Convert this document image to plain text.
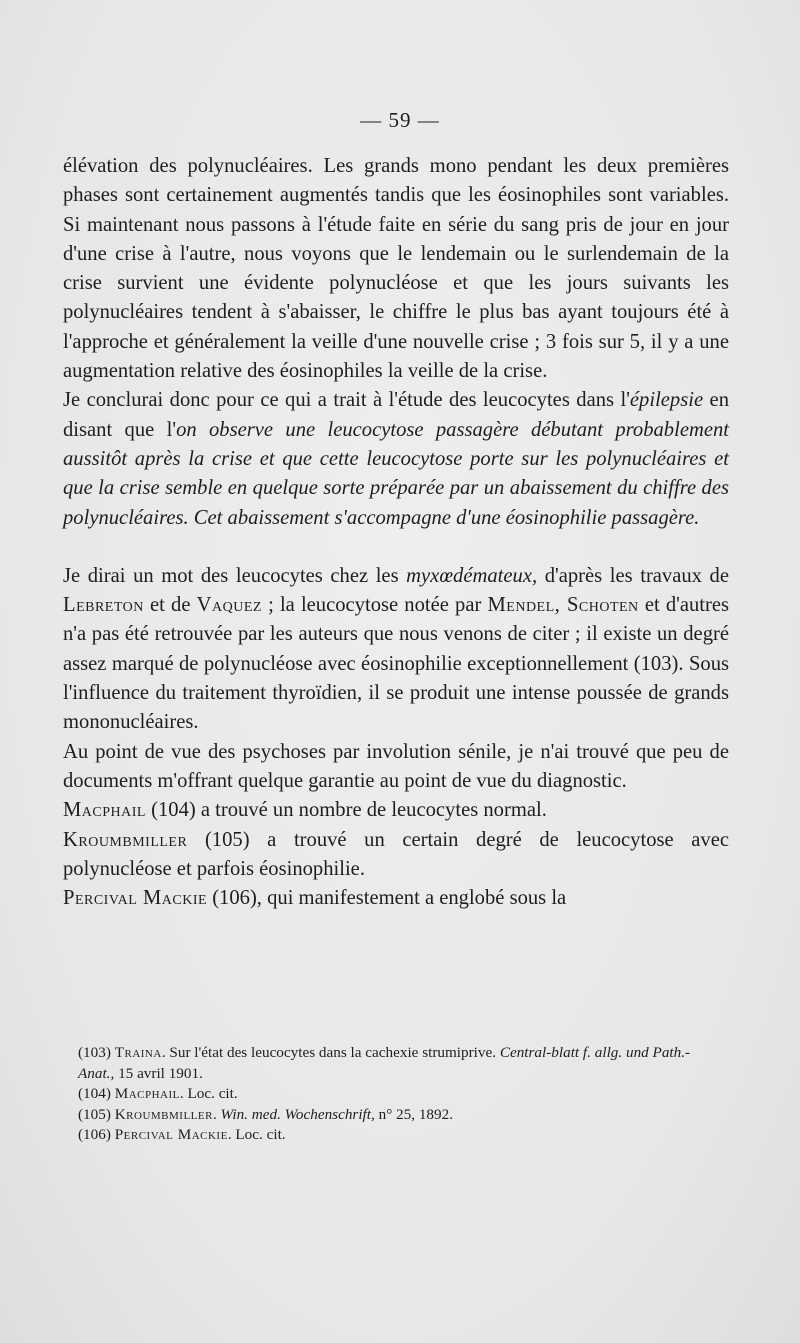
— 59 —

élévation des polynucléaires. Les grands mono pendant les deux premières phases sont certainement augmentés tandis que les éosinophiles sont variables. Si maintenant nous passons à l'étude faite en série du sang pris de jour en jour d'une crise à l'autre, nous voyons que le lendemain ou le surlendemain de la crise survient une évidente polynucléose et que les jours suivants les polynucléaires tendent à s'abaisser, le chiffre le plus bas ayant toujours été à l'approche et généralement la veille d'une nouvelle crise ; 3 fois sur 5, il y a une augmentation relative des éosinophiles la veille de la crise.

Je conclurai donc pour ce qui a trait à l'étude des leucocytes dans l'épilepsie en disant que l'on observe une leucocytose passagère débutant probablement aussitôt après la crise et que cette leucocytose porte sur les polynucléaires et que la crise semble en quelque sorte préparée par un abaissement du chiffre des polynucléaires. Cet abaissement s'accompagne d'une éosinophilie passagère.

Je dirai un mot des leucocytes chez les myxœdémateux, d'après les travaux de Lebreton et de Vaquez ; la leucocytose notée par Mendel, Schoten et d'autres n'a pas été retrouvée par les auteurs que nous venons de citer ; il existe un degré assez marqué de polynucléose avec éosinophilie exceptionnellement (103). Sous l'influence du traitement thyroïdien, il se produit une intense poussée de grands mononucléaires.

Au point de vue des psychoses par involution sénile, je n'ai trouvé que peu de documents m'offrant quelque garantie au point de vue du diagnostic.

Macphail (104) a trouvé un nombre de leucocytes normal.

Kroumbmiller (105) a trouvé un certain degré de leucocytose avec polynucléose et parfois éosinophilie.

Percival Mackie (106), qui manifestement a englobé sous la

(103) Traina. Sur l'état des leucocytes dans la cachexie strumiprive. Central-blatt f. allg. und Path.-Anat., 15 avril 1901.

(104) Macphail. Loc. cit.

(105) Kroumbmiller. Win. med. Wochenschrift, n° 25, 1892.

(106) Percival Mackie. Loc. cit.
